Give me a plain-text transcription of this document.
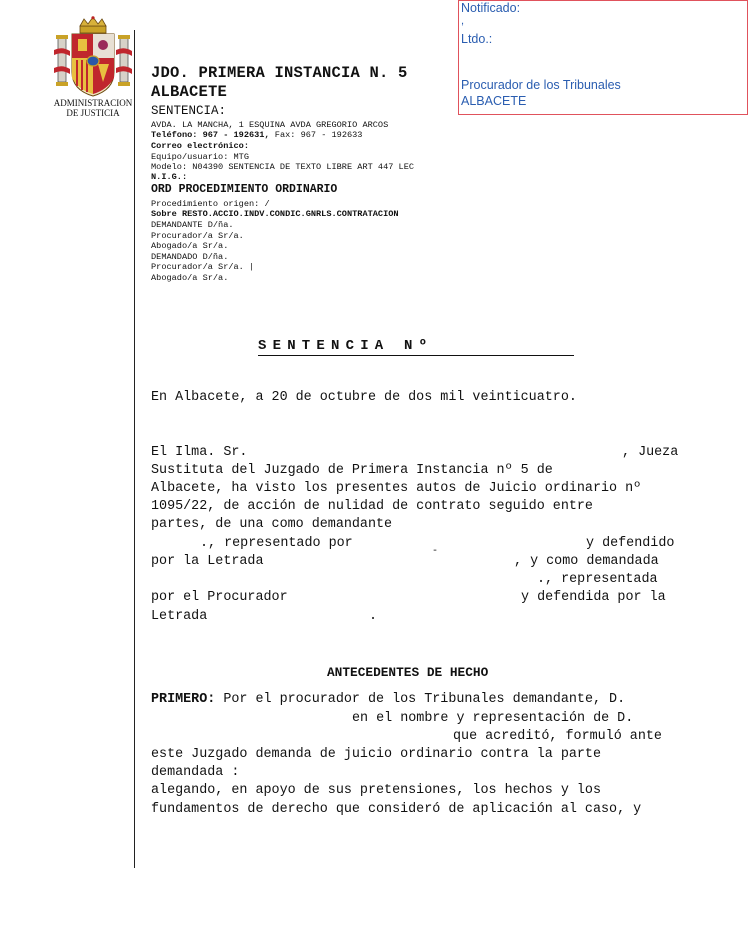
Notificado:
,
Ltdo.:
Procurador de los Tribunales
ALBACETE
ADMINISTRACION
DE JUSTICIA
JDO. PRIMERA INSTANCIA N. 5
ALBACETE
SENTENCIA:
AVDA. LA MANCHA, 1 ESQUINA AVDA GREGORIO ARCOS
Teléfono: 967 - 192631, Fax: 967 - 192633
Correo electrónico:
Equipo/usuario: MTG
Modelo: N04390 SENTENCIA DE TEXTO LIBRE ART 447 LEC
N.I.G.:
ORD PROCEDIMIENTO ORDINARIO
Procedimiento origen: /
Sobre RESTO.ACCIO.INDV.CONDIC.GNRLS.CONTRATACION
DEMANDANTE D/ña.
Procurador/a Sr/a.
Abogado/a Sr/a.
DEMANDADO D/ña.
Procurador/a Sr/a. |
Abogado/a Sr/a.
SENTENCIA Nº
En Albacete, a 20 de octubre de dos mil veinticuatro.
El Ilma. Sr.	, Jueza
Sustituta del Juzgado de Primera Instancia nº 5 de
Albacete, ha visto los presentes autos de Juicio ordinario nº
1095/22, de acción de nulidad de contrato seguido entre
partes, de una como demandante
., representado por	y defendido
por la Letrada	, y como demandada
., representada
por el Procurador	y defendida por la
Letrada	.
-
ANTECEDENTES DE HECHO
PRIMERO: Por el procurador de los Tribunales demandante, D.
en el nombre y representación de D.
que acreditó, formuló ante
este Juzgado demanda de juicio ordinario contra la parte
demandada :
alegando, en apoyo de sus pretensiones, los hechos y los
fundamentos de derecho que consideró de aplicación al caso, y
